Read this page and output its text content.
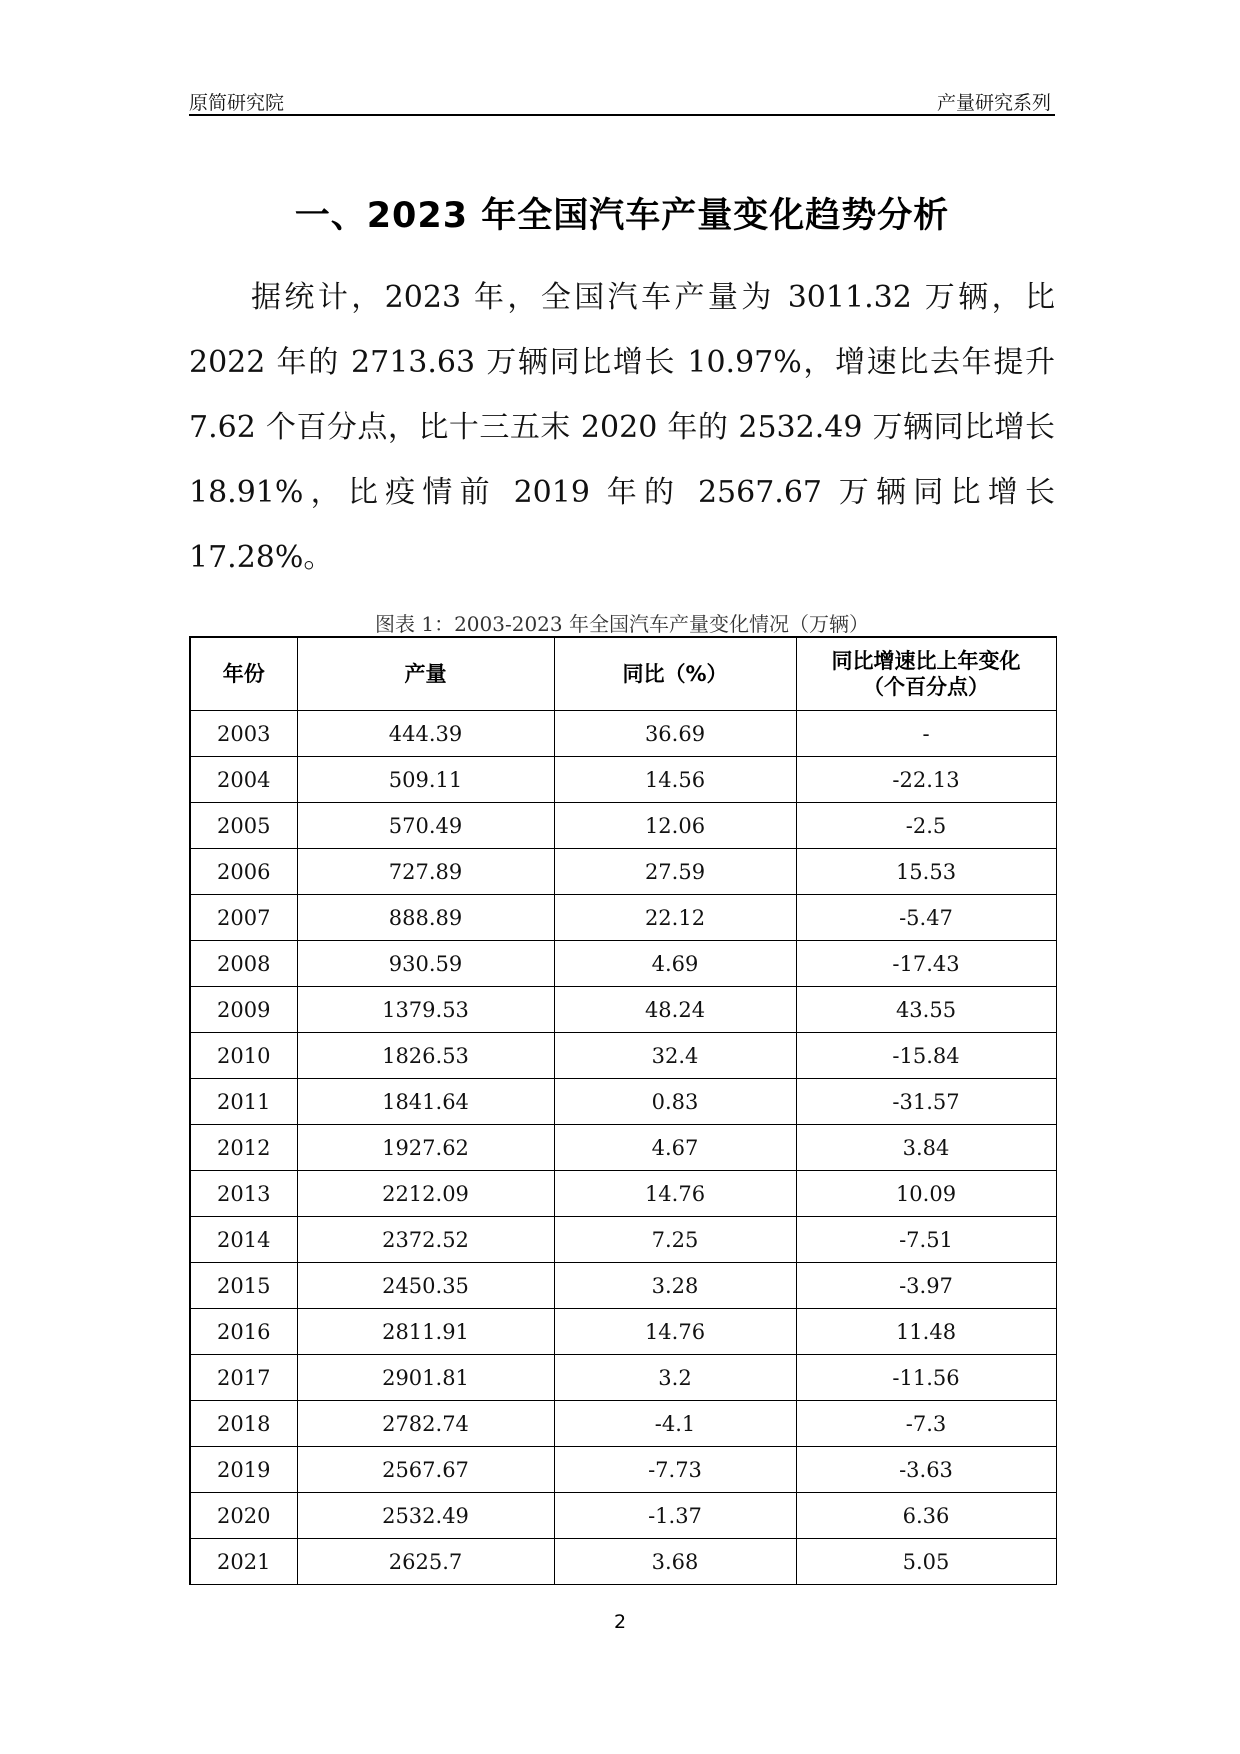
原简研究院	产量研究系列
一、2023 年全国汽车产量变化趋势分析

据统计，2023 年，全国汽车产量为 3011.32 万辆，比 2022 年的 2713.63 万辆同比增长 10.97%，增速比去年提升 7.62 个百分点，比十三五末 2020 年的 2532.49 万辆同比增长 18.91%，比疫情前 2019 年的 2567.67 万辆同比增长 17.28%。

图表 1：2003-2023 年全国汽车产量变化情况（万辆）
年份	产量	同比（%）	同比增速比上年变化
（个百分点）

2003	444.39	36.69	-
2004	509.11	14.56	-22.13
2005	570.49	12.06	-2.5
2006	727.89	27.59	15.53
2007	888.89	22.12	-5.47
2008	930.59	4.69	-17.43
2009	1379.53	48.24	43.55
2010	1826.53	32.4	-15.84
2011	1841.64	0.83	-31.57
2012	1927.62	4.67	3.84
2013	2212.09	14.76	10.09
2014	2372.52	7.25	-7.51
2015	2450.35	3.28	-3.97
2016	2811.91	14.76	11.48
2017	2901.81	3.2	-11.56
2018	2782.74	-4.1	-7.3
2019	2567.67	-7.73	-3.63
2020	2532.49	-1.37	6.36
2021	2625.7	3.68	5.05
2
